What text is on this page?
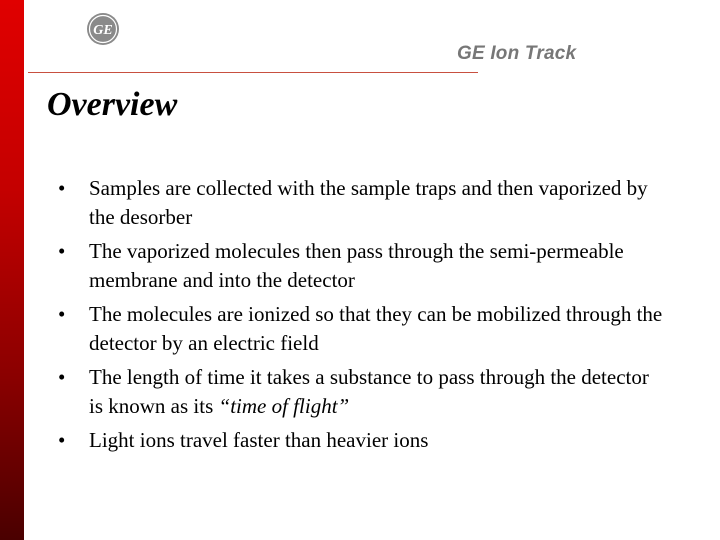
GE
GE Ion Track
Overview
• Samples are collected with the sample traps and then vaporized by the desorber
• The vaporized molecules then pass through the semi-permeable membrane and into the detector
• The molecules are ionized so that they can be mobilized through the detector by an electric field
• The length of time it takes a substance to pass through the detector is known as its “time of flight”
• Light ions travel faster than heavier ions
